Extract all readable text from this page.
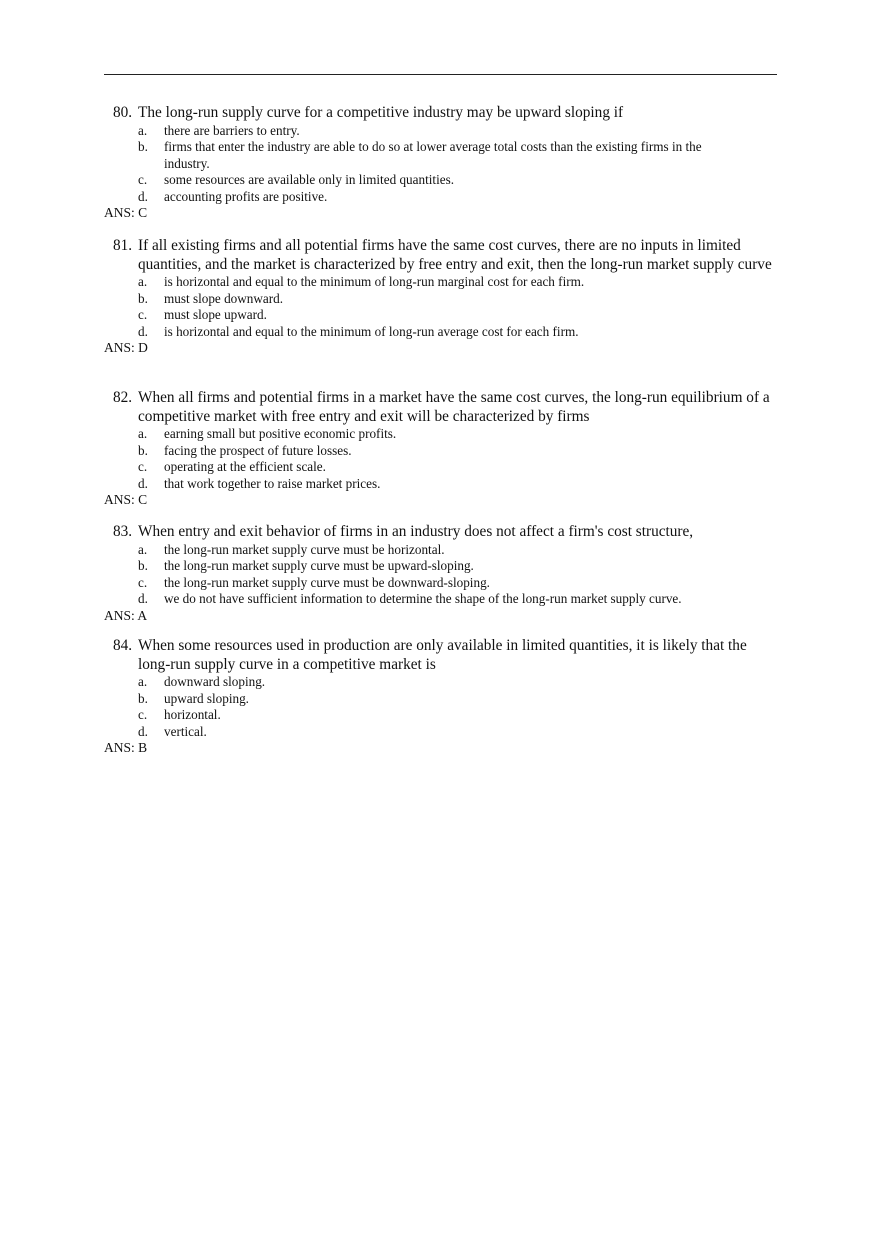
80. The long-run supply curve for a competitive industry may be upward sloping if
a. there are barriers to entry.
b. firms that enter the industry are able to do so at lower average total costs than the existing firms in the industry.
c. some resources are available only in limited quantities.
d. accounting profits are positive.
ANS: C
81. If all existing firms and all potential firms have the same cost curves, there are no inputs in limited quantities, and the market is characterized by free entry and exit, then the long-run market supply curve
a. is horizontal and equal to the minimum of long-run marginal cost for each firm.
b. must slope downward.
c. must slope upward.
d. is horizontal and equal to the minimum of long-run average cost for each firm.
ANS: D
82. When all firms and potential firms in a market have the same cost curves, the long-run equilibrium of a competitive market with free entry and exit will be characterized by firms
a. earning small but positive economic profits.
b. facing the prospect of future losses.
c. operating at the efficient scale.
d. that work together to raise market prices.
ANS: C
83. When entry and exit behavior of firms in an industry does not affect a firm's cost structure,
a. the long-run market supply curve must be horizontal.
b. the long-run market supply curve must be upward-sloping.
c. the long-run market supply curve must be downward-sloping.
d. we do not have sufficient information to determine the shape of the long-run market supply curve.
ANS: A
84. When some resources used in production are only available in limited quantities, it is likely that the long-run supply curve in a competitive market is
a. downward sloping.
b. upward sloping.
c. horizontal.
d. vertical.
ANS: B
